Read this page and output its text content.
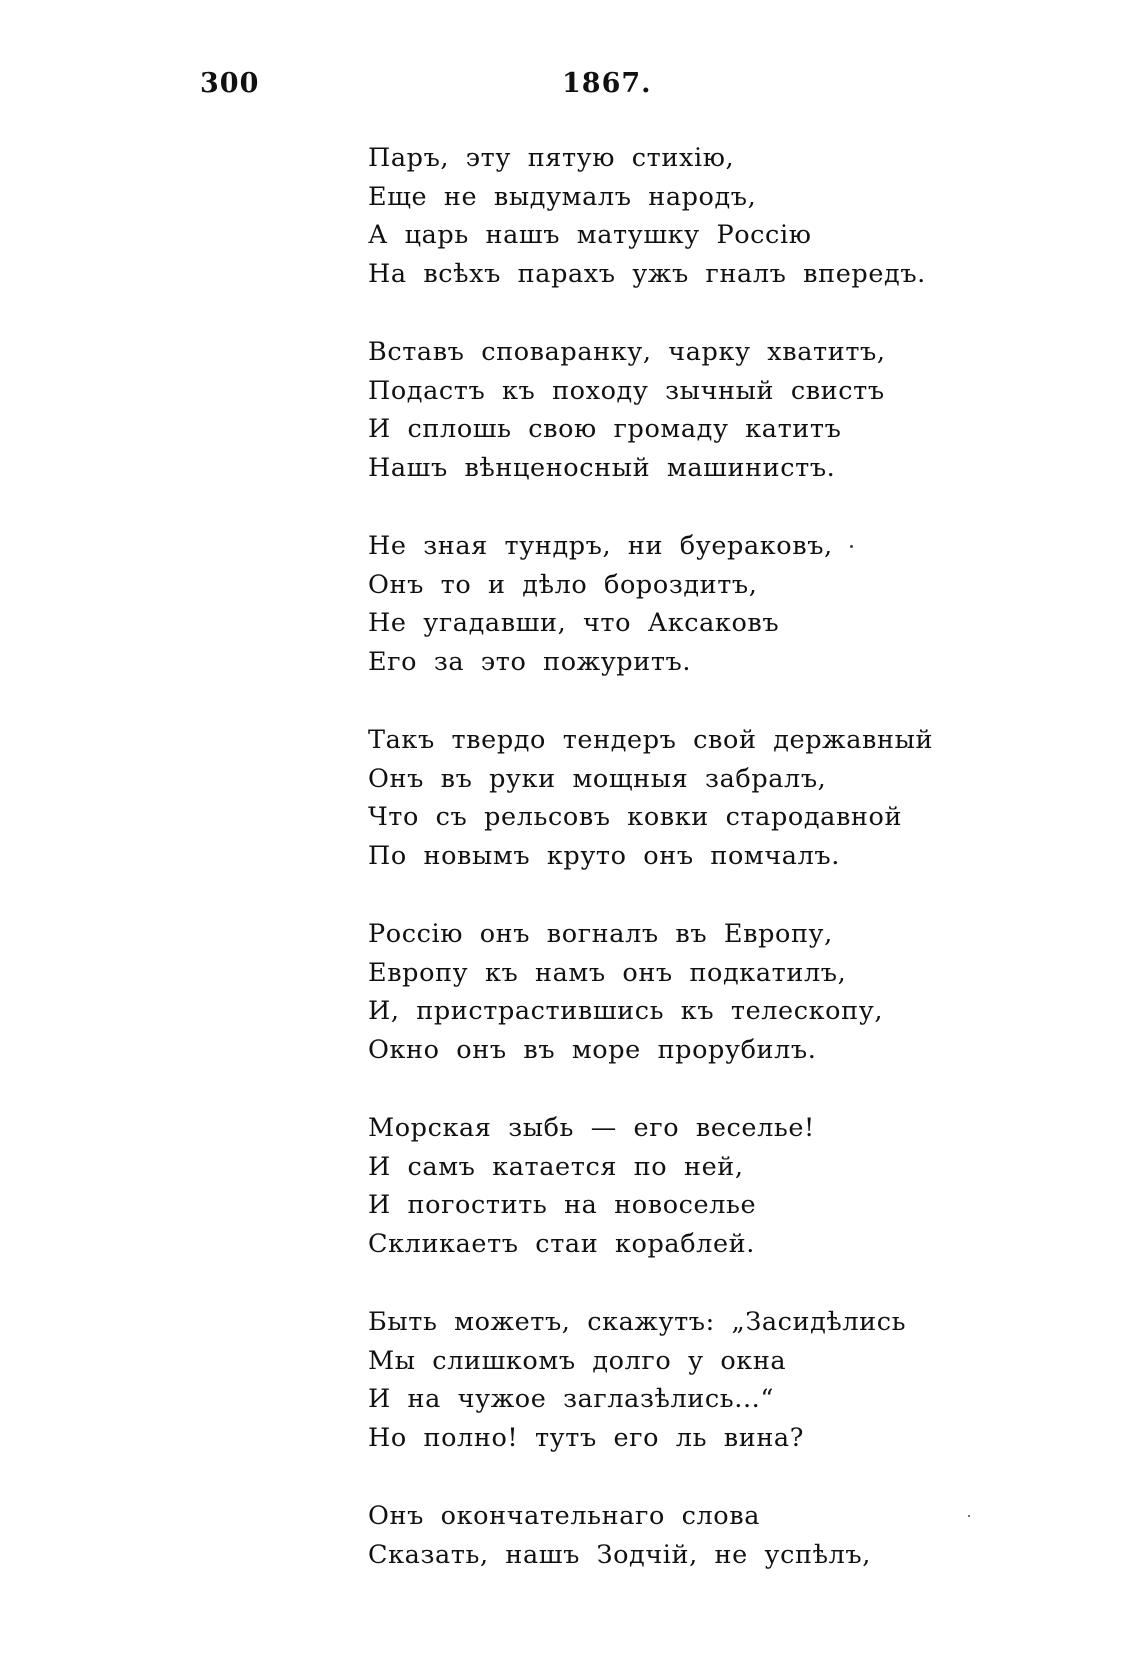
300	1867.
Паръ, эту пятую стихію,
Еще не выдумалъ народъ,
А царь нашъ матушку Россію
На всѣхъ парахъ ужъ гналъ впередъ.
Вставъ споваранку, чарку хватитъ,
Подастъ къ походу зычный свистъ
И сплошь свою громаду катитъ
Нашъ вѣнценосный машинистъ.
Не зная тундръ, ни буераковъ,
Онъ то и дѣло бороздитъ,
Не угадавши, что Аксаковъ
Его за это пожуритъ.
Такъ твердо тендеръ свой державный
Онъ въ руки мощныя забралъ,
Что съ рельсовъ ковки стародавной
По новымъ круто онъ помчалъ.
Россію онъ вогналъ въ Европу,
Европу къ намъ онъ подкатилъ,
И, пристрастившись къ телескопу,
Окно онъ въ море прорубилъ.
Морская зыбь — его веселье!
И самъ катается по ней,
И погостить на новоселье
Скликаетъ стаи кораблей.
Быть можетъ, скажутъ: „Засидѣлись
Мы слишкомъ долго у окна
И на чужое заглазѣлись...“
Но полно! тутъ его ль вина?
Онъ окончательнаго слова
Сказать, нашъ Зодчій, не успѣлъ,
